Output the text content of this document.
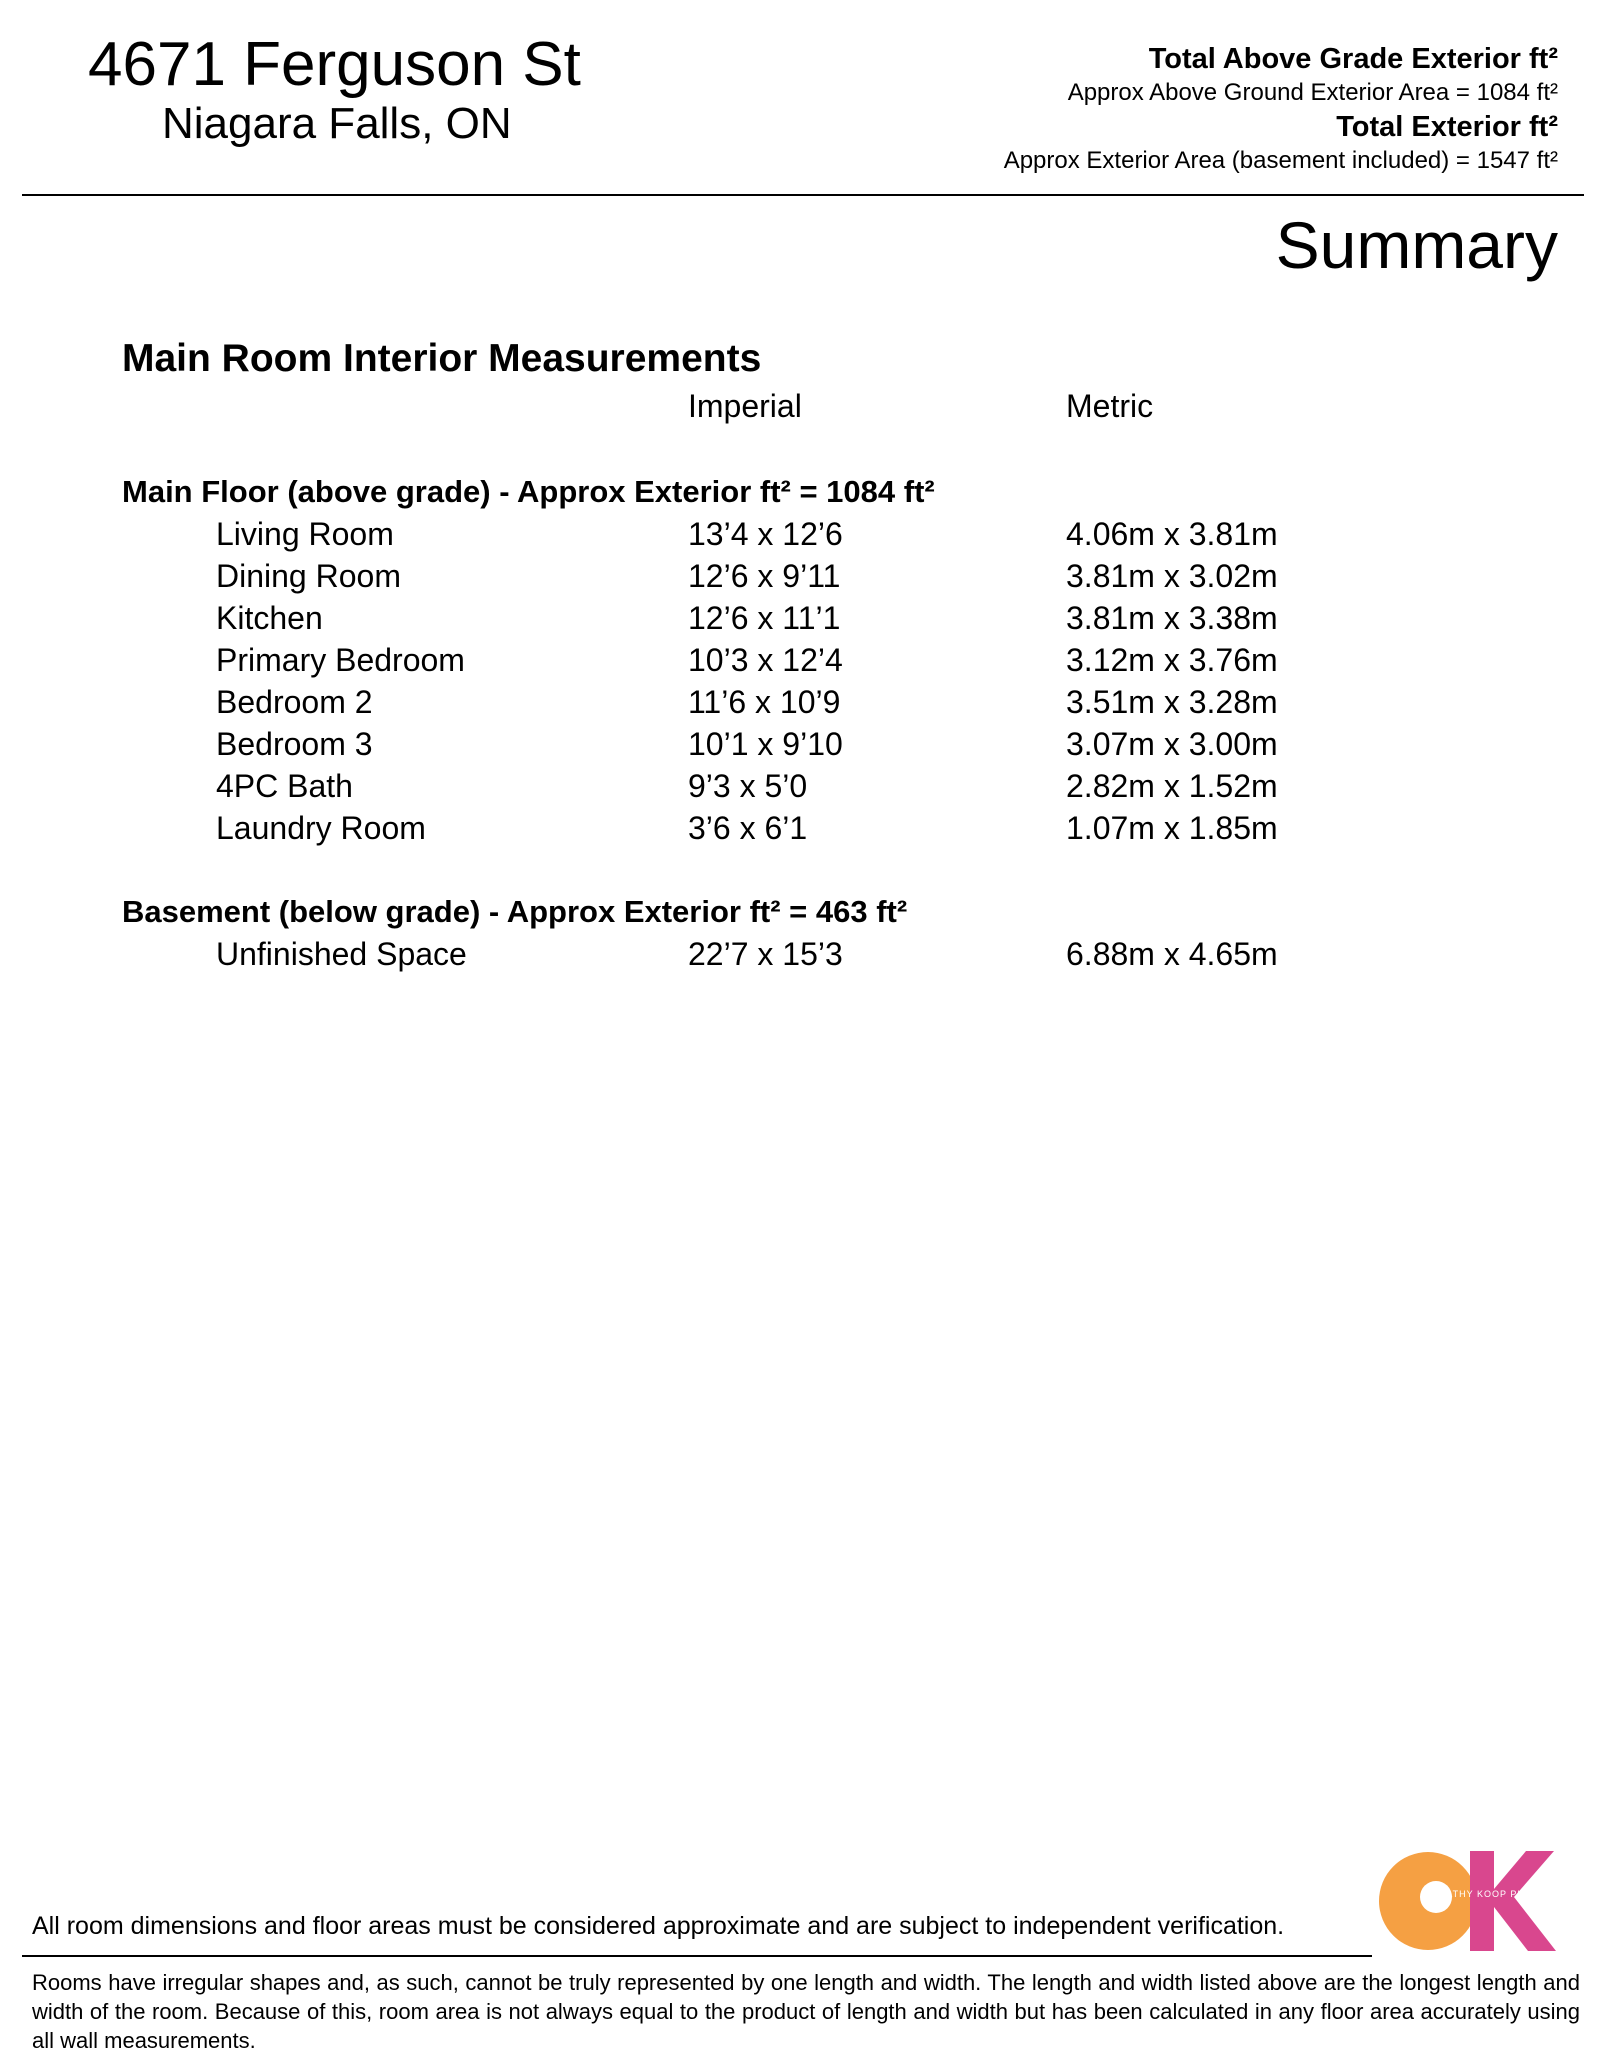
4671 Ferguson St
Niagara Falls, ON
Total Above Grade Exterior ft²
Approx Above Ground Exterior Area = 1084 ft²
Total Exterior ft²
Approx Exterior Area (basement included) = 1547 ft²
Summary
Main Room Interior Measurements
Imperial	Metric
Main Floor (above grade) - Approx Exterior ft² = 1084 ft²
Living Room	13’4 x 12’6	4.06m x 3.81m
Dining Room	12’6 x 9’11	3.81m x 3.02m
Kitchen	12’6 x 11’1	3.81m x 3.38m
Primary Bedroom	10’3 x 12’4	3.12m x 3.76m
Bedroom 2	11’6 x 10’9	3.51m x 3.28m
Bedroom 3	10’1 x 9’10	3.07m x 3.00m
4PC Bath	9’3 x 5’0	2.82m x 1.52m
Laundry Room	3’6 x 6’1	1.07m x 1.85m
Basement (below grade) - Approx Exterior ft² = 463 ft²
Unfinished Space	22’7 x 15’3	6.88m x 4.65m
CATHY KOOP PHOTOGRAPHY
All room dimensions and floor areas must be considered approximate and are subject to independent verification.
Rooms have irregular shapes and, as such, cannot be truly represented by one length and width. The length and width listed above are the longest length and width of the room. Because of this, room area is not always equal to the product of length and width but has been calculated in any floor area accurately using all wall measurements.
